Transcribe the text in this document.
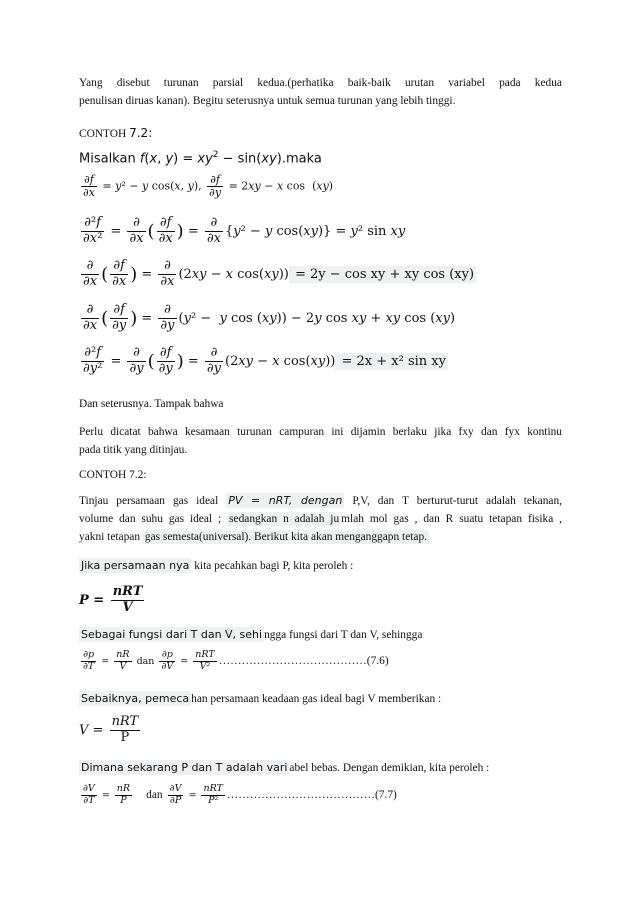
Yang disebut turunan parsial kedua.(perhatika baik-baik urutan variabel pada kedua
penulisan diruas kanan). Begitu seterusnya untuk semua turunan yang lebih tinggi.
CONTOH 7.2:
Misalkan f(x, $y) = xy^2$ − sin(xy).maka
$\frac{\partial f}{\partial x} = y^2 - y$ cos(x, y), $\frac{\partial f}{\partial y} = 2xy - x$ cos  (xy)
$\frac{\text{∂²f}}{\text{∂x²}} = \frac{\partial}{\partial x}$ ( $\frac{\partial f}{\partial x}$ ) = $\frac{\partial}{\partial x} \{y^2 - y$ cos(xy)} = y² sin xy
$\frac{\partial}{\partial x}$ ( $\frac{\partial f}{\partial x}$ ) = $\frac{\partial}{\partial x} (2xy - x$ cos(xy)) = 2y − cos xy + xy cos (xy)
$\frac{\partial}{\partial x}$ ( $\frac{\partial f}{\partial y}$ ) = $\frac{\partial}{\partial y} (y^2 - y$ cos (xy)) − 2y cos xy + xy cos (xy)
$\frac{\text{∂²f}}{\text{∂y²}} = \frac{\partial}{\partial y}$ ( $\frac{\partial f}{\partial y}$ ) = $\frac{\partial}{\partial y} (2xy - x$ cos(xy)) = 2x + x² sin xy
Dan seterusnya. Tampak bahwa
Perlu dicatat bahwa kesamaan turunan campuran ini dijamin berlaku jika fxy dan fyx kontinu
pada titik yang ditinjau.
CONTOH 7.2:
Tinjau persamaan gas ideal PV = nRT, dengan P,V, dan T berturut-turut adalah tekanan,
volume dan suhu gas ideal ; sedangkan n adalah ju mlah mol gas , dan R suatu tetapan fisika ,
yakni tetapan gas semesta(universal). Berikut kita akan menganggapn tetap.
Jika persamaan nya kita pecahkan bagi P, kita peroleh :
$P = \frac{\text{nRT}}{V}$
Sebagai fungsi dari T dan V, sehi ngga fungsi dari T dan V, sehingga
$\frac{\partial p}{\partial T} = \frac{nR}{V}$ dan $\frac{\partial p}{\partial V} = \frac{\text{nRT}}{\text{V²}}$ …………………………………(7.6)
Sebaiknya, pemeca han persamaan keadaan gas ideal bagi V memberikan :
$V = \frac{\text{nRT}}{P}$
Dimana sekarang P dan T adalah vari abel bebas. Dengan demikian, kita peroleh :
$\frac{\partial V}{\partial T} = \frac{nR}{P}$ dan $\frac{\partial V}{\partial P} = \frac{\text{nRT}}{\text{P²}}$ …………………………………(7.7)
